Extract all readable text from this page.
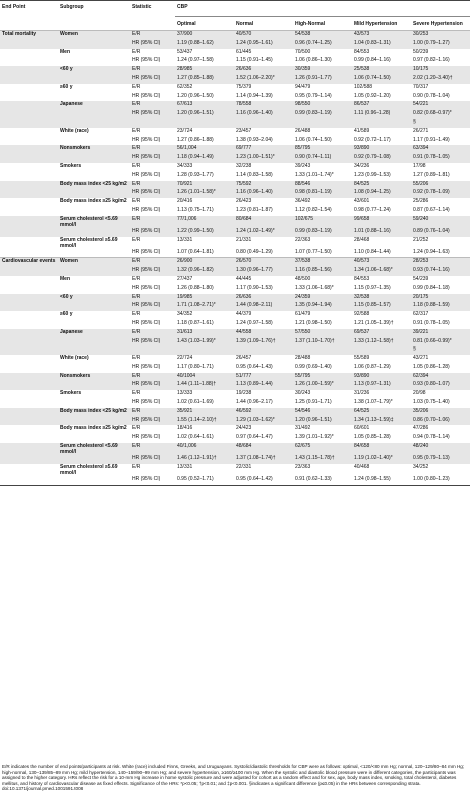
End Point	Subgroup	Statistic	CBP				
			Optimal	Normal	High-Normal	Mild Hypertension	Severe Hypertension
Total mortality	Women	E/R	37/900	40/570	54/538	43/573	30/253
		HR (95% CI)	1.19 (0.88–1.62)	1.24 (0.95–1.61)	0.96 (0.74–1.25)	1.04 (0.83–1.31)	1.00 (0.79–1.27)
	Men	E/R	53/437	61/445	70/500	84/553	50/239
		HR (95% CI)	1.24 (0.97–1.58)	1.15 (0.91–1.45)	1.06 (0.86–1.30)	0.99 (0.84–1.16)	0.97 (0.82–1.16)
	<60 y	E/R	28/985	26/636	30/359	25/538	10/175
		HR (95% CI)	1.27 (0.85–1.88)	1.52 (1.06–2.20)*	1.26 (0.91–1.77)	1.06 (0.74–1.50)	2.02 (1.20–3.40)†
	≥60 y	E/R	62/352	75/379	94/479	102/588	70/317
		HR (95% CI)	1.20 (0.96–1.50)	1.14 (0.94–1.39)	0.95 (0.79–1.14)	1.05 (0.92–1.20)	0.90 (0.78–1.04)
	Japanese	E/R	67/613	78/558	98/550	86/537	54/221
		HR (95% CI)	1.20 (0.96–1.51)	1.16 (0.96–1.40)	0.99 (0.83–1.19)	1.11 (0.96–1.28)	0.82 (0.68–0.97)*
							§
	White (race)	E/R	23/724	23/457	26/488	41/589	26/271
		HR (95% CI)	1.27 (0.86–1.88)	1.38 (0.93–2.04)	1.06 (0.74–1.50)	0.92 (0.72–1.17)	1.17 (0.91–1.49)
	Nonsmokers	E/R	56/1,004	69/777	85/795	93/890	63/394
		HR (95% CI)	1.18 (0.94–1.49)	1.23 (1.00–1.51)*	0.90 (0.74–1.11)	0.92 (0.79–1.08)	0.91 (0.78–1.05)
	Smokers	E/R	34/333	32/238	39/243	34/236	17/98
		HR (95% CI)	1.28 (0.93–1.77)	1.14 (0.83–1.58)	1.33 (1.01–1.74)*	1.23 (0.99–1.53)	1.27 (0.89–1.81)
	Body mass index <25 kg/m2	E/R	70/921	75/592	88/546	84/525	55/206
		HR (95% CI)	1.26 (1.01–1.58)*	1.16 (0.96–1.40)	0.98 (0.81–1.19)	1.08 (0.94–1.25)	0.92 (0.78–1.09)
	Body mass index ≥25 kg/m2	E/R	20/416	26/423	36/492	43/601	25/286
		HR (95% CI)	1.13 (0.75–1.71)	1.23 (0.81–1.87)	1.12 (0.82–1.54)	0.98 (0.77–1.24)	0.87 (0.67–1.14)
	Serum cholesterol <5.69 mmol/l	E/R	77/1,006	80/684	102/675	99/658	59/240
		HR (95% CI)	1.22 (0.99–1.50)	1.24 (1.02–1.49)*	0.99 (0.83–1.19)	1.01 (0.88–1.16)	0.89 (0.76–1.04)
	Serum cholesterol ≥5.69 mmol/l	E/R	13/331	21/331	22/363	28/468	21/252
		HR (95% CI)	1.07 (0.64–1.81)	0.80 (0.49–1.29)	1.07 (0.77–1.50)	1.10 (0.84–1.44)	1.24 (0.94–1.63)
Cardiovascular events	Women	E/R	26/900	26/570	37/538	40/573	28/253
		HR (95% CI)	1.32 (0.96–1.82)	1.30 (0.96–1.77)	1.16 (0.85–1.56)	1.34 (1.06–1.68)*	0.93 (0.74–1.16)
	Men	E/R	27/437	44/445	48/500	84/553	54/239
		HR (95% CI)	1.26 (0.88–1.80)	1.17 (0.90–1.53)	1.33 (1.06–1.68)*	1.15 (0.97–1.35)	0.99 (0.84–1.18)
	<60 y	E/R	19/985	26/636	24/359	32/538	20/175
		HR (95% CI)	1.71 (1.08–2.71)*	1.44 (0.98–2.11)	1.35 (0.94–1.94)	1.15 (0.85–1.57)	1.18 (0.88–1.59)
	≥60 y	E/R	34/352	44/379	61/479	92/588	62/317
		HR (95% CI)	1.18 (0.87–1.61)	1.24 (0.97–1.58)	1.21 (0.98–1.50)	1.21 (1.05–1.39)†	0.91 (0.78–1.05)
	Japanese	E/R	31/613	44/558	57/550	69/537	39/221
		HR (95% CI)	1.43 (1.03–1.99)*	1.39 (1.09–1.76)†	1.37 (1.10–1.70)†	1.33 (1.12–1.58)†	0.81 (0.66–0.99)*
							§
	White (race)	E/R	22/724	26/457	28/488	55/589	43/271
		HR (95% CI)	1.17 (0.80–1.71)	0.95 (0.64–1.43)	0.99 (0.69–1.40)	1.06 (0.87–1.29)	1.05 (0.86–1.28)
	Nonsmokers	E/R	40/1004	51/777	55/795	93/890	62/394
		HR (95% CI)	1.44 (1.11–1.88)†	1.13 (0.89–1.44)	1.26 (1.00–1.59)*	1.13 (0.97–1.31)	0.93 (0.80–1.07)
	Smokers	E/R	13/333	19/238	30/243	31/236	20/98
		HR (95% CI)	1.02 (0.61–1.69)	1.44 (0.96–2.17)	1.25 (0.91–1.71)	1.38 (1.07–1.79)*	1.03 (0.75–1.40)
	Body mass index <25 kg/m2	E/R	35/921	46/592	54/546	64/525	35/206
		HR (95% CI)	1.55 (1.14–2.10)†	1.29 (1.03–1.62)*	1.20 (0.96–1.51)	1.34 (1.13–1.59)‡	0.86 (0.70–1.06)
	Body mass index ≥25 kg/m2	E/R	18/416	24/423	31/492	60/601	47/286
		HR (95% CI)	1.02 (0.64–1.61)	0.97 (0.64–1.47)	1.39 (1.01–1.92)*	1.05 (0.85–1.28)	0.94 (0.78–1.14)
	Serum cholesterol <5.69 mmol/l	E/R	40/1,006	48/684	62/675	84/658	48/240
		HR (95% CI)	1.46 (1.12–1.91)†	1.37 (1.08–1.74)†	1.43 (1.15–1.78)†	1.19 (1.02–1.40)*	0.95 (0.79–1.13)
	Serum cholesterol ≥5.69 mmol/l	E/R	13/331	22/331	23/363	40/468	34/252
		HR (95% CI)	0.95 (0.52–1.71)	0.95 (0.64–1.42)	0.91 (0.62–1.33)	1.24 (0.98–1.55)	1.00 (0.80–1.23)
E/R indicates the number of end points/participants at risk. White (race) included Finns, Greeks, and Uruguayans. Systolic/diastolic thresholds for CBP were as follows: optimal, <120/<80 mm Hg; normal, 120–129/80–84 mm Hg; high-normal, 130–139/85–89 mm Hg; mild hypertension, 140–159/90–99 mm Hg; and severe hypertension, ≥160/≥100 mm Hg. When the systolic and diastolic blood pressure were in different categories, the participants was assigned to the higher category. HRs reflect the risk for a 10-mm Hg increase in home systolic pressure and were adjusted for cohort as a random effect and for sex, age, body mass index, smoking, total cholesterol, diabetes mellitus, and history of cardiovascular disease as fixed effects. Significance of the HRs: *p<0.05; †p<0.01; and ‡p<0.001. §indicates a significant difference (p≤0.05) in the HRs between corresponding strata.
doi:10.1371/journal.pmed.1001591.t008
